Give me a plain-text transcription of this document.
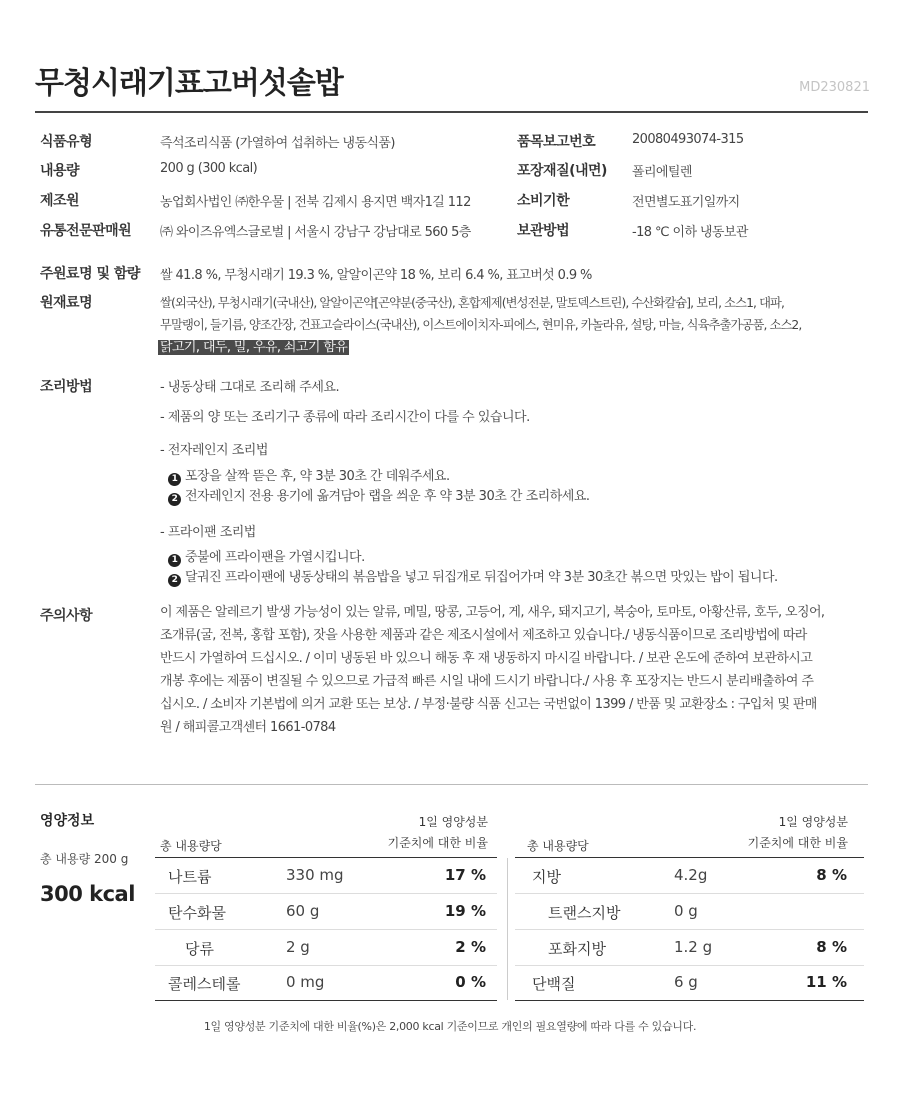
무청시래기표고버섯솥밥	MD230821
식품유형	즉석조리식품 (가열하여 섭취하는 냉동식품)
내용량	200 g (300 kcal)
제조원	농업회사법인 ㈜한우물 | 전북 김제시 용지면 백자1길 112
유통전문판매원 ㈜ 와이즈유엑스글로벌 | 서울시 강남구 강남대로 560 5층
품목보고번호	20080493074-315
포장재질(내면) 폴리에틸렌
소비기한	전면별도표기일까지
보관방법	-18 ℃ 이하 냉동보관
주원료명 및 함량 쌀 41.8 %, 무청시래기 19.3 %, 알알이곤약 18 %, 보리 6.4 %, 표고버섯 0.9 %
원재료명	쌀(외국산), 무청시래기(국내산), 알알이곤약[곤약분(중국산), 혼합제제(변성전분, 말토덱스트린), 수산화칼슘], 보리, 소스1, 대파,
무말랭이, 들기름, 양조간장, 건표고슬라이스(국내산), 이스트에이치자-피에스, 현미유, 카놀라유, 설탕, 마늘, 식육추출가공품, 소스2,
닭고기, 대두, 밀, 우유, 쇠고기 함유
조리방법	- 냉동상태 그대로 조리해 주세요.
- 제품의 양 또는 조리기구 종류에 따라 조리시간이 다를 수 있습니다.
- 전자레인지 조리법
1 포장을 살짝 뜯은 후, 약 3분 30초 간 데워주세요.
2 전자레인지 전용 용기에 옮겨담아 랩을 씌운 후 약 3분 30초 간 조리하세요.
- 프라이팬 조리법
1 중불에 프라이팬을 가열시킵니다.
2 달궈진 프라이팬에 냉동상태의 볶음밥을 넣고 뒤집개로 뒤집어가며 약 3분 30초간 볶으면 맛있는 밥이 됩니다.
주의사항	이 제품은 알레르기 발생 가능성이 있는 알류, 메밀, 땅콩, 고등어, 게, 새우, 돼지고기, 복숭아, 토마토, 아황산류, 호두, 오징어,
조개류(굴, 전복, 홍합 포함), 잣을 사용한 제품과 같은 제조시설에서 제조하고 있습니다./ 냉동식품이므로 조리방법에 따라
반드시 가열하여 드십시오. / 이미 냉동된 바 있으니 해동 후 재 냉동하지 마시길 바랍니다. / 보관 온도에 준하여 보관하시고
개봉 후에는 제품이 변질될 수 있으므로 가급적 빠른 시일 내에 드시기 바랍니다./ 사용 후 포장지는 반드시 분리배출하여 주
십시오. / 소비자 기본법에 의거 교환 또는 보상. / 부정·불량 식품 신고는 국번없이 1399 / 반품 및 교환장소 : 구입처 및 판매
원 / 해피콜고객센터 1661-0784
영양정보
총 내용량 200 g
300 kcal
총 내용량당
1일 영양성분
기준치에 대한 비율	총 내용량당
1일 영양성분
기준치에 대한 비율
나트륨	330 mg	17 %
탄수화물	60 g	19 %
당류	2 g	2 %
콜레스테롤	0 mg	0 %
지방	4.2g	8 %
트랜스지방	0 g
포화지방	1.2 g	8 %
단백질	6 g	11 %
1일 영양성분 기준치에 대한 비율(%)은 2,000 kcal 기준이므로 개인의 필요열량에 따라 다를 수 있습니다.
